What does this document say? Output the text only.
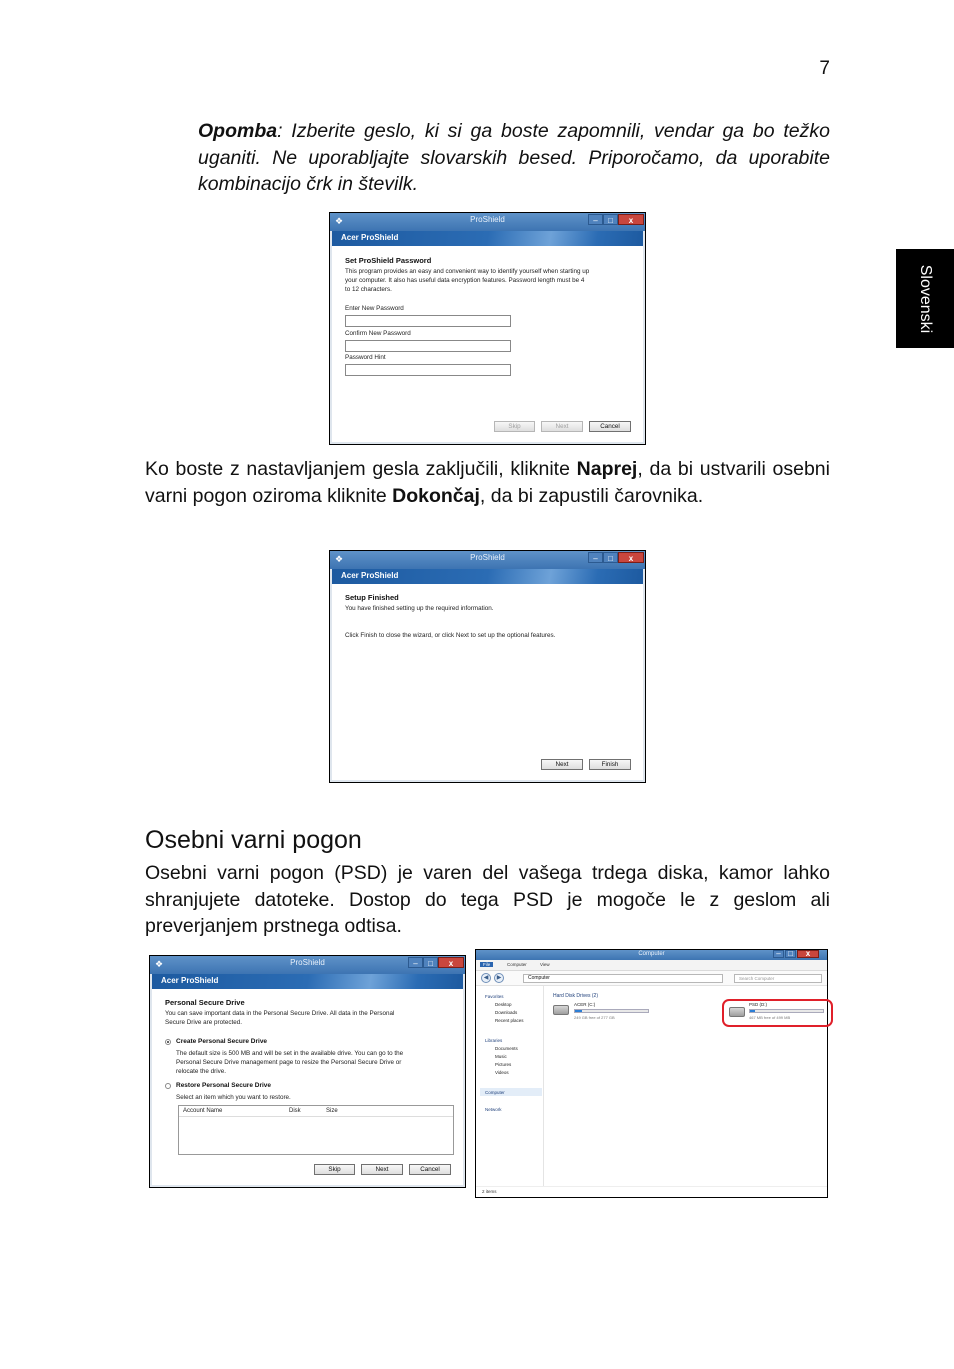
7
Slovenski

Opomba: Izberite geslo, ki si ga boste zapomnili, vendar ga bo težko uganiti. Ne uporabljajte slovarskih besed. Priporočamo, da uporabite kombinacijo črk in številk.

❖	ProShield	–	□	x
Acer ProShield
Set ProShield Password
This program provides an easy and convenient way to identify yourself when starting up
your computer. It also has useful data encryption features. Password length must be 4
to 12 characters.
Enter New Password
Confirm New Password
Password Hint
Skip	Next	Cancel

Ko boste z nastavljanjem gesla zaključili, kliknite Naprej, da bi ustvarili osebni varni pogon oziroma kliknite Dokončaj, da bi zapustili čarovnika.

❖	ProShield	–	□	x
Acer ProShield
Setup Finished
You have finished setting up the required information.
Click Finish to close the wizard, or click Next to set up the optional features.
Next	Finish
Osebni varni pogon

Osebni varni pogon (PSD) je varen del vašega trdega diska, kamor lahko shranjujete datoteke. Dostop do tega PSD je mogoče le z geslom ali preverjanjem prstnega odtisa.

❖	ProShield	–	□	x
Acer ProShield
Personal Secure Drive
You can save important data in the Personal Secure Drive. All data in the Personal
Secure Drive are protected.
Create Personal Secure Drive
The default size is 500 MB and will be set in the available drive. You can go to the
Personal Secure Drive management page to resize the Personal Secure Drive or
relocate the drive.
Restore Personal Secure Drive
Select an item which you want to restore.
Account Name	Disk	Size
Skip	Next	Cancel
Computer	– □	x
File	Computer	View
◀	▶	Computer	Search Computer
Favorites
Desktop
Downloads
Recent places
Libraries
Documents
Music
Pictures
Videos
Computer
Network
Hard Disk Drives (2)
ACER (C:)
249 GB free of 277 GB
PSD (D:)
467 MB free of 499 MB
2 items
